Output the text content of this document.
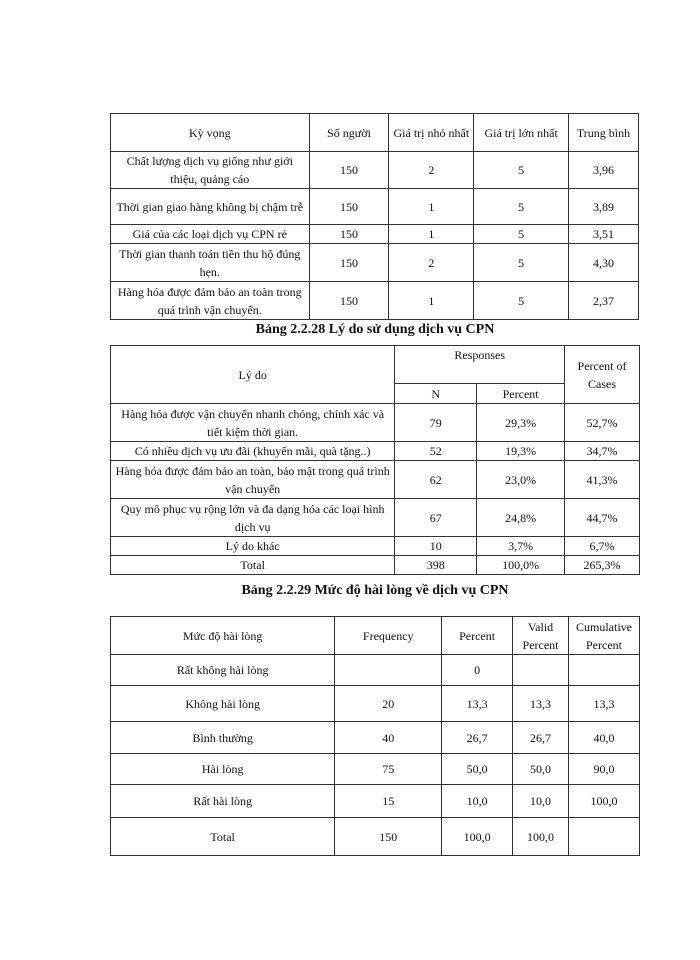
Kỳ vọng	Số người	Giá trị nhỏ nhất	Giá trị lớn nhất	Trung bình
Chất lượng dịch vụ giống như giới thiệu, quảng cáo	150	2	5	3,96
Thời gian giao hàng không bị chậm trễ	150	1	5	3,89
Giá của các loại dịch vụ CPN rẻ	150	1	5	3,51
Thời gian thanh toán tiền thu hộ đúng hẹn.	150	2	5	4,30
Hàng hóa được đảm bảo an toàn trong quá trình vận chuyển.	150	1	5	2,37
Bảng 2.2.28 Lý do sử dụng dịch vụ CPN
Lý do	Responses		Percent of Cases
	N	Percent	
Hàng hóa được vận chuyển nhanh chóng, chính xác và tiết kiệm thời gian.	79	29,3%	52,7%
Có nhiều dịch vụ ưu đãi (khuyến mãi, quà tặng..)	52	19,3%	34,7%
Hàng hóa được đảm bảo an toàn, bảo mật trong quá trình vận chuyển	62	23,0%	41,3%
Quy mô phục vụ rộng lớn và đa dạng hóa các loại hình dịch vụ	67	24,8%	44,7%
Lý do khác	10	3,7%	6,7%
Total	398	100,0%	265,3%
Bảng 2.2.29 Mức độ hài lòng về dịch vụ CPN
Mức độ hài lòng	Frequency	Percent	Valid Percent	Cumulative Percent
Rất không hài lòng		0		
Không hài lòng	20	13,3	13,3	13,3
Bình thường	40	26,7	26,7	40,0
Hài lòng	75	50,0	50,0	90,0
Rất hài lòng	15	10,0	10,0	100,0
Total	150	100,0	100,0	
